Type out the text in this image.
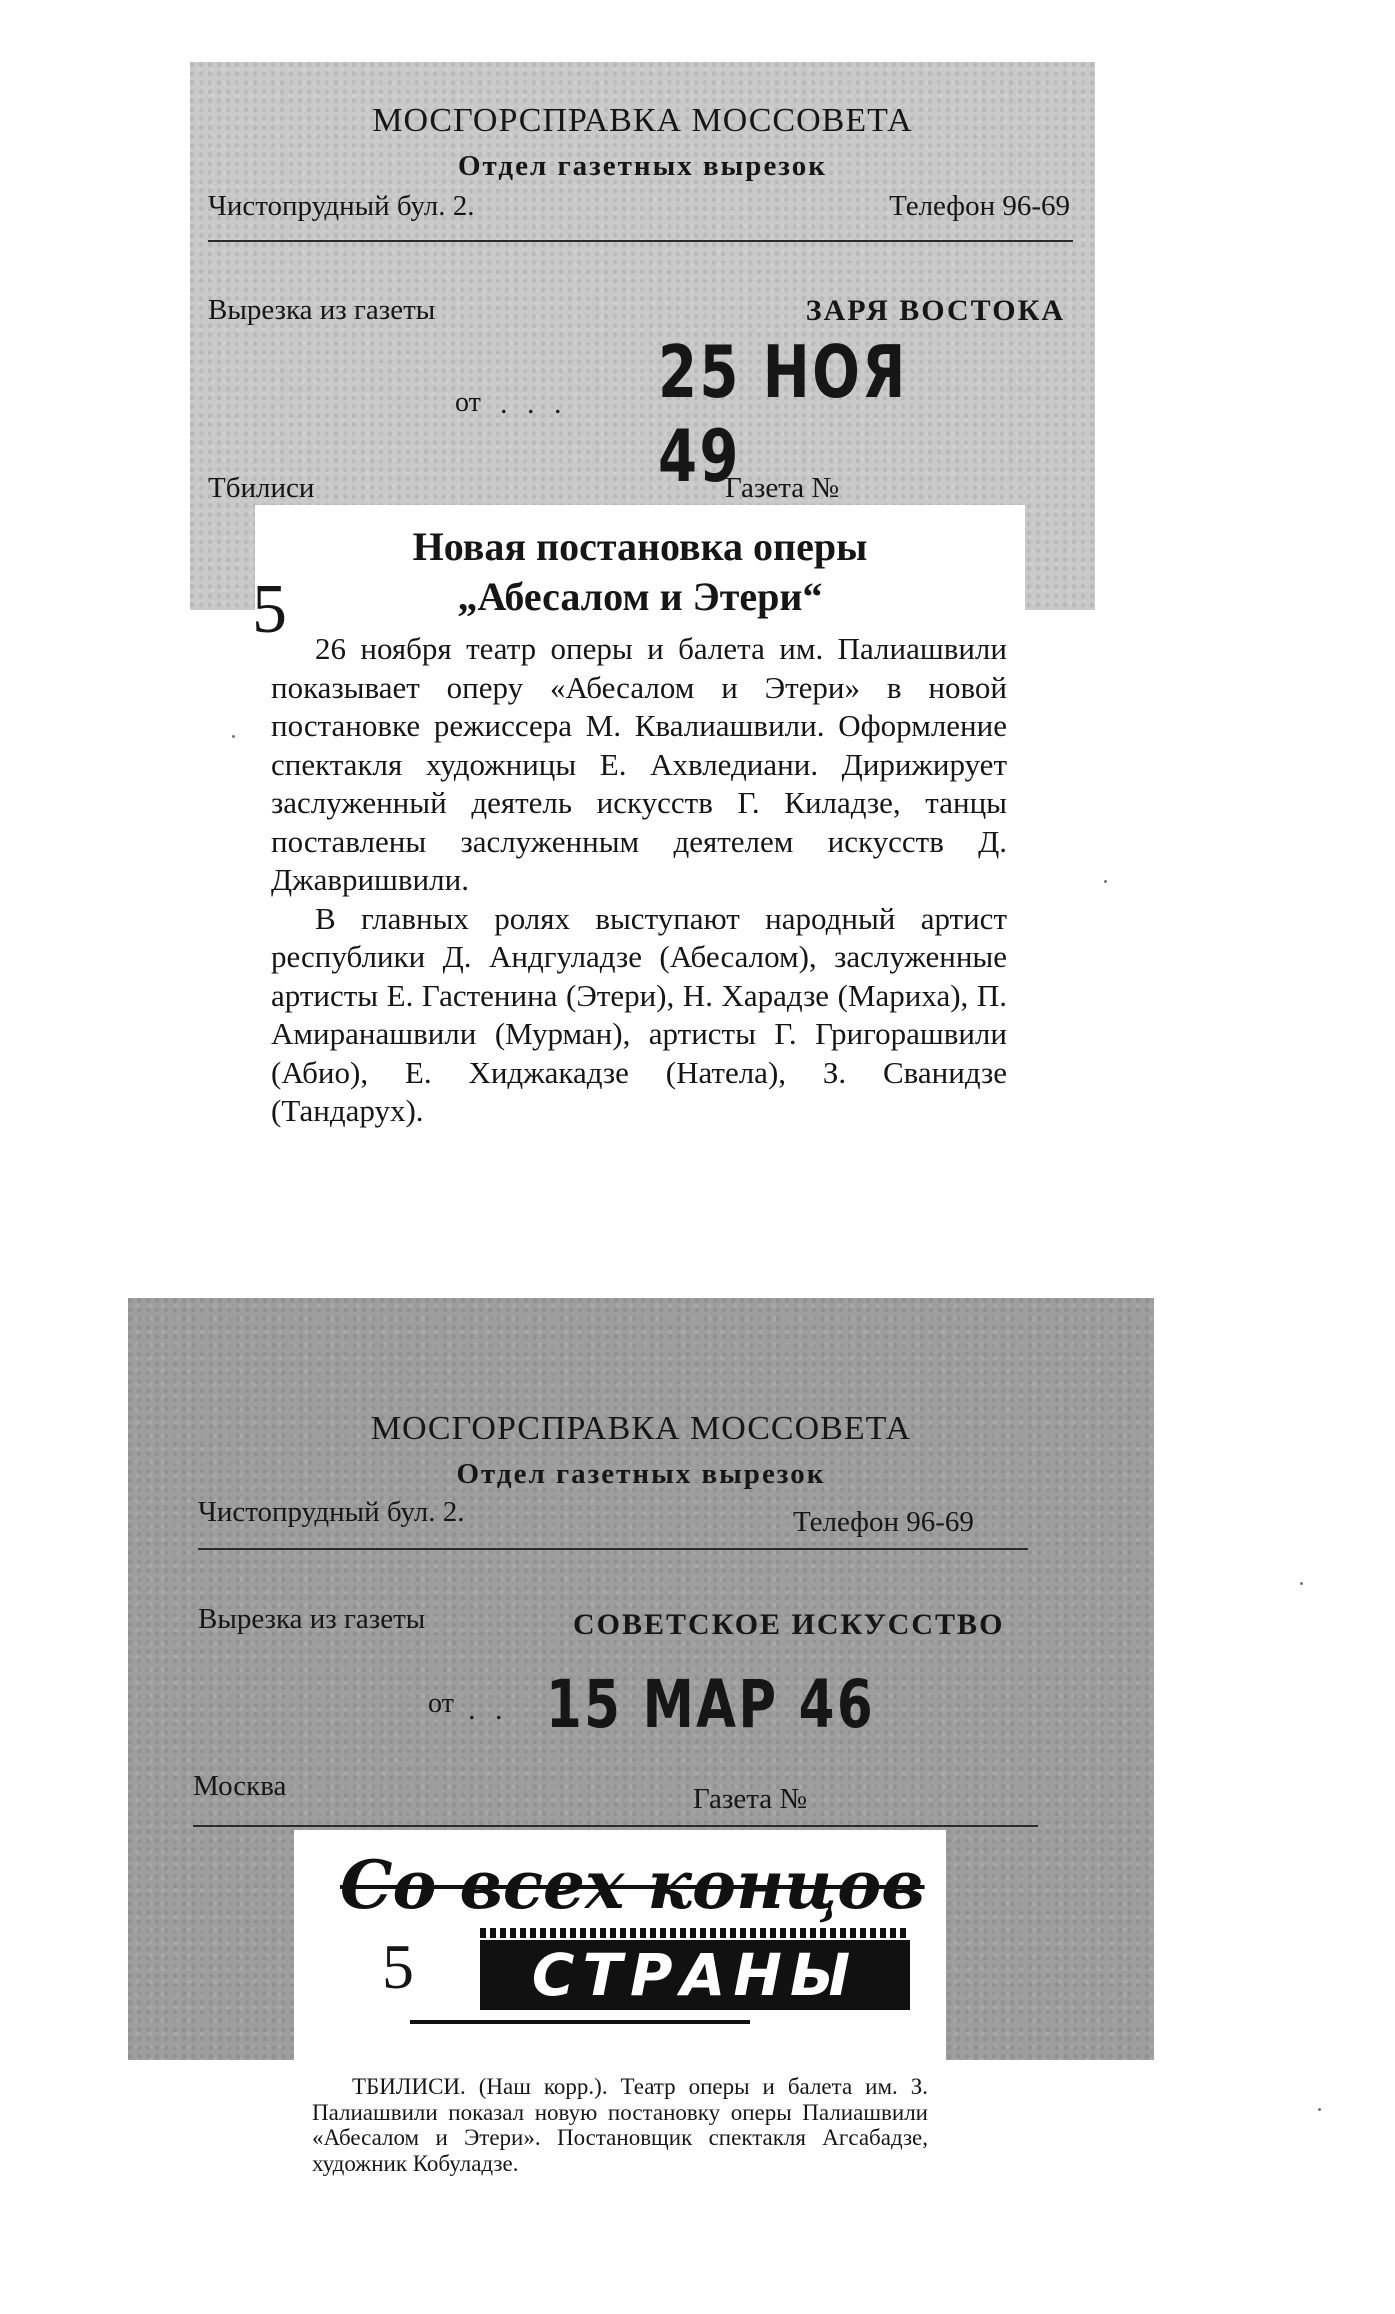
МОСГОРСПРАВКА МОССОВЕТА
Отдел газетных вырезок
Чистопрудный бул. 2.	Телефон 96-69
Вырезка из газеты	ЗАРЯ ВОСТОКА
от . . . 25 НОЯ 49
Тбилиси	Газета №
Новая постановка оперы
„Абесалом и Этери“

26 ноября театр оперы и балета им. Палиашвили показывает оперу «Абесалом и Этери» в новой постановке режиссера М. Квалиашвили. Оформление спектакля художницы Е. Ахвледиани. Дирижирует заслуженный деятель искусств Г. Киладзе, танцы поставлены заслуженным деятелем искусств Д. Джавришвили.

В главных ролях выступают народный артист республики Д. Андгуладзе (Абесалом), заслуженные артисты Е. Гастенина (Этери), Н. Харадзе (Мариха), П. Амиранашвили (Мурман), артисты Г. Григорашвили (Абио), Е. Хиджакадзе (Натела), З. Сванидзе (Тандарух).

5
МОСГОРСПРАВКА МОССОВЕТА
Отдел газетных вырезок
Чистопрудный бул. 2.	Телефон 96-69
Вырезка из газеты	СОВЕТСКОЕ ИСКУССТВО
от . . 15 МАР 46
Москва	Газета №
Со всех концов
СТРАНЫ

ТБИЛИСИ. (Наш корр.). Театр оперы и балета им. З. Палиашвили показал новую постановку оперы Палиашвили «Абесалом и Этери». Постановщик спектакля Агсабадзе, художник Кобуладзе.

5
